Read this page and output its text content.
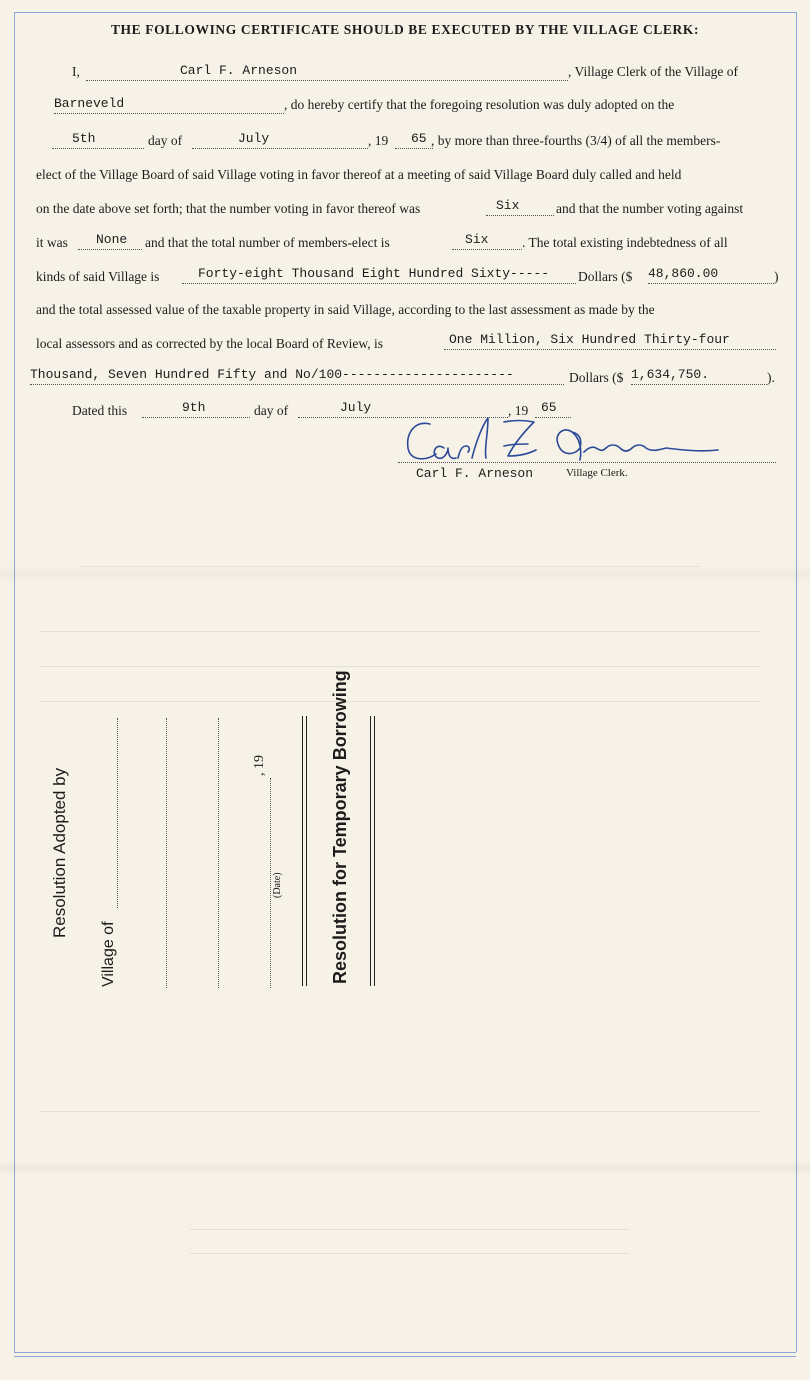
THE FOLLOWING CERTIFICATE SHOULD BE EXECUTED BY THE VILLAGE CLERK:
I,	Carl F. Arneson	, Village Clerk of the Village of
Barneveld	, do hereby certify that the foregoing resolution was duly adopted on the
5th	day of	July	, 19	65 , by more than three-fourths (3/4) of all the members-
elect of the Village Board of said Village voting in favor thereof at a meeting of said Village Board duly called and held
on the date above set forth; that the number voting in favor thereof was	Six	and that the number voting against
it was	None	and that the total number of members-elect is	Six	. The total existing indebtedness of all
kinds of said Village is	Forty-eight Thousand Eight Hundred Sixty-----	Dollars ($ 48,860.00	)
and the total assessed value of the taxable property in said Village, according to the last assessment as made by the
local assessors and as corrected by the local Board of Review, is	One Million, Six Hundred Thirty-four
Thousand, Seven Hundred Fifty and No/100----------------------	Dollars ($ 1,634,750.	).
Dated this	9th	day of	July	, 19 65
Carl F. Arneson	Village Clerk.
Resolution Adopted by
Village of
, 19
(Date)	Resolution for Temporary Borrowing
